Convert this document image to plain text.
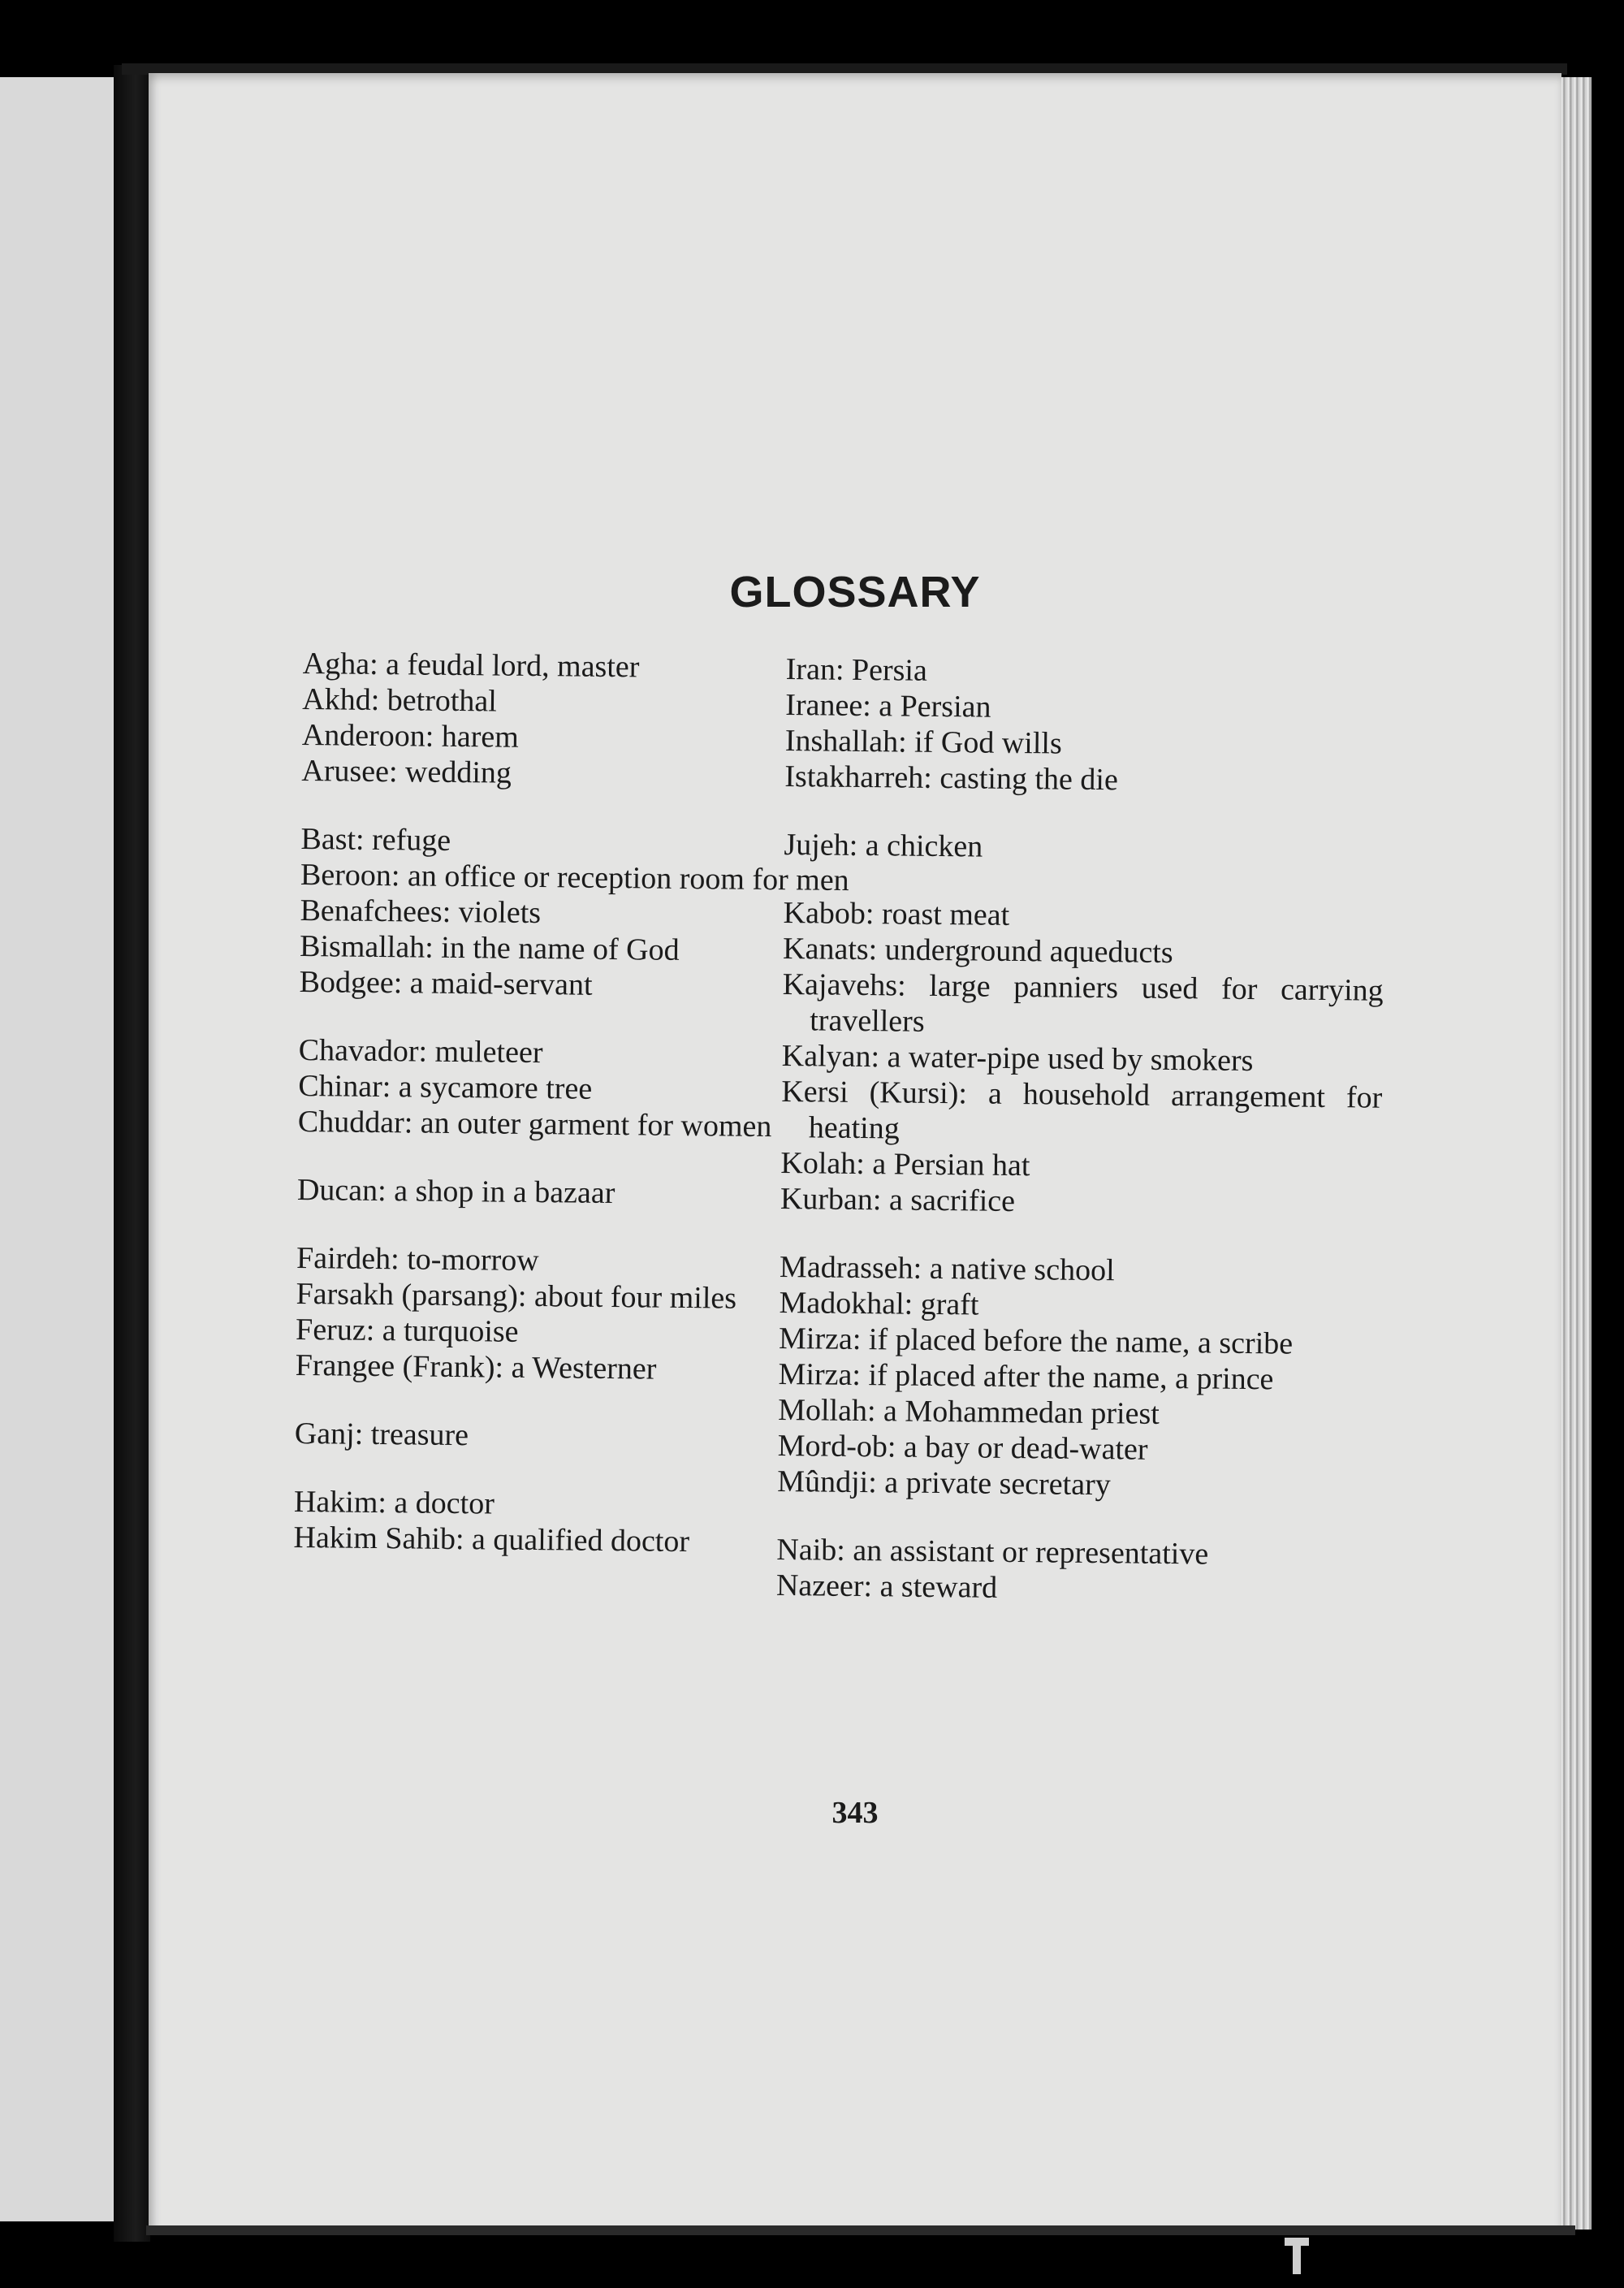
GLOSSARY
Agha: a feudal lord, master
Akhd: betrothal
Anderoon: harem
Arusee: wedding
Bast: refuge
Beroon: an office or reception room for men
Benafchees: violets
Bismallah: in the name of God
Bodgee: a maid-servant
Chavador: muleteer
Chinar: a sycamore tree
Chuddar: an outer garment for women
Ducan: a shop in a bazaar
Fairdeh: to-morrow
Farsakh (parsang): about four miles
Feruz: a turquoise
Frangee (Frank): a Westerner
Ganj: treasure
Hakim: a doctor
Hakim Sahib: a qualified doctor
Iran: Persia
Iranee: a Persian
Inshallah: if God wills
Istakharreh: casting the die
Jujeh: a chicken
Kabob: roast meat
Kanats: underground aqueducts
Kajavehs: large panniers used for carrying travellers
Kalyan: a water-pipe used by smokers
Kersi (Kursi): a household arrangement for heating
Kolah: a Persian hat
Kurban: a sacrifice
Madrasseh: a native school
Madokhal: graft
Mirza: if placed before the name, a scribe
Mirza: if placed after the name, a prince
Mollah: a Mohammedan priest
Mord-ob: a bay or dead-water
Mûndji: a private secretary
Naib: an assistant or representative
Nazeer: a steward
343
